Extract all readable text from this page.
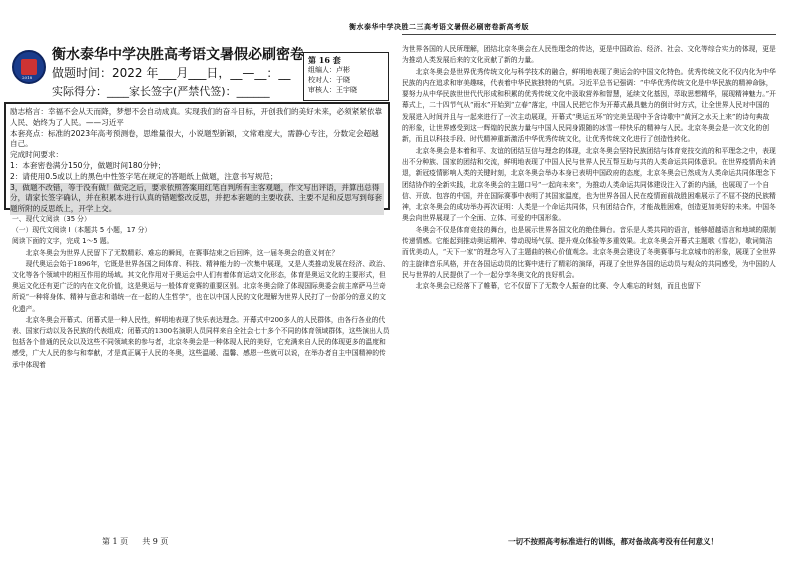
衡水泰华中学决胜二三高考语文暑假必刷密卷新高考版
2018
衡水泰华中学决胜高考语文暑假必刷密卷
做题时间：2022 年___月___日，__—__：__
实际得分：____家长签字(严禁代签)：______
第 16 套
组编人：卢彬
校对人：于晓
审核人：王宇晓

励志格言：幸福不会从天而降，梦想不会自动成真。实现我们的奋斗目标，开创我们的美好未来，必须紧紧依靠人民、始终为了人民。——习近平

本套亮点：标准的2023年高考预测卷，思维量很大，小说题型新颖，文常难度大，需静心专注，分数定会超越自己。

完成时间要求：

1：本套密卷满分150分，做题时间180分钟；

2：请使用0.5或以上的黑色中性签字笔在规定的答题纸上做题，注意书写规范；

3，做题不改错，等于没有做！做完之后，要求依照答案用红笔自判所有主客观题，作文写出评语，并算出总得分，请家长签字确认，并在积累本进行认真的错题整改反思，并把本套题的主要收获、主要不足和反思写到每套题所附的反思纸上，开学上交。

一、现代文阅读（35 分）

（一）现代文阅读 I（本题共 5 小题，17 分）

阅读下面的文字，完成 1～5 题。

北京冬奥会为世界人民留下了无数精彩、难忘的瞬间，在赛事结束之后回眸，这一届冬奥会的意义何在？

现代奥运会始于1896年，它既是世界各国之间体育、科技、精神能力的一次集中展现，又是人类推动发展在经济、政治、文化等各个领域中的相互作用的场域。其文化作用对于奥运会中人们有着体育运动文化形态，体育是奥运文化的主要形式，但奥运文化还有更广泛的内在文化价值，这是奥运与一般体育竞赛的重要区别。北京冬奥会除了体现国际奥委会前主席萨马兰奇所说“一种将身体、精神与意志和谐统一在一起的人生哲学”，也在以中国人民的文化理解为世界人民打了一份部分的意义的文化遗产。

北京冬奥会开幕式、闭幕式是一种人民性，鲜明地表现了快乐表达理念。开幕式中200多人的人民群体，由各行各业的代表、国家行动以及各民族的代表组成；闭幕式的1300名演职人员同样来自全社会七十多个不同的体育领域群体，这些演出人员包括各个普通的民众以及这些不同领域来的参与者，北京冬奥会是一种体现人民的美好，它充满来自人民的体现更多的温度和感受，广大人民的参与和奉献，才是真正属于人民的冬奥，这些温暖、温馨、感恩一些就可以说，在举办者自主中国精神的传承中体现着

为世界各国的人民所理解，团结北京冬奥会在人民性理念的传达，更是中国政治、经济、社会、文化等综合实力的体现，更是为推动人类发展后来的文化贡献了新的力量。

北京冬奥会是世界优秀传统文化与科学技术的融合，鲜明地表现了奥运会的中国文化特色。优秀传统文化不仅内化为中华民族的内在追求和审美趣味，代表着中华民族独特的气质。习近平总书记强调：“中华优秀传统文化是中华民族的精神命脉，要努力从中华民族世世代代形成和积累的优秀传统文化中汲取营养和智慧，延续文化基因，萃取思想精华，展现精神魅力。”开幕式上，二十四节气从“雨水”开始到“立春”落定，中国人民把它作为开幕式最具魅力的倒计时方式，让全世界人民对中国的发展进入时间并且与一起来进行了一次主动展现，开幕式“奥运五环”的完美呈现中予含诗歌中“黄河之水天上来”的诗句典故的形象，让世界感受到这一辉煌的民族力量与中国人民同身跟随的冰雪一样快乐的精神与人民。北京冬奥会是一次文化的创新，而且以科技手段、时代精神重新激活中华优秀传统文化，让优秀传统文化进行了创造性转化。

北京冬奥会是本着和平、友谊的团结互信与理念的体现，北京冬奥会坚持民族团结与体育竞技交流的和平理念之中，表现出不分种族、国家的团结和交流，鲜明地表现了中国人民与世界人民互帮互助与共的人类命运共同体意识。在世界疫情尚未消退，新冠疫情影响人类的关键时刻，北京冬奥会举办本身已表明中国政府的态度，北京冬奥会已然成为人类命运共同体理念下团结协作的全新实践，北京冬奥会的主题口号“一起向未来”，为推动人类命运共同体建设注入了新的内涵，也展现了一个自信、开放、包容的中国，并在国际赛事中表明了其国家温度，也为世界各国人民在疫情面前战胜困难展示了不屈不挠的民族精神，北京冬奥会的成功举办再次证明：人类是一个命运共同体，只有团结合作，才能战胜困难，创造更加美好的未来。中国冬奥会向世界展现了一个全面、立体、可爱的中国形象。

冬奥会不仅是体育竞技的舞台，也是展示世界各国文化的绝佳舞台。音乐是人类共同的语言，能够超越语言和地域的限制传递情感。它能起到推动奥运精神、带动现场气氛、提升观众体验等多重效果。北京冬奥会开幕式主题歌《雪花》，歌词简洁而优美动人，“天下一家”的理念写入了主题曲的核心价值观念。北京冬奥会建设了冬奥赛事与北京城市的形象，展现了全世界的主旋律音乐风格，并在各国运动员的比赛中进行了精彩的演绎，再现了全世界各国的运动员与观众的共同感受，为中国的人民与世界的人民提供了一个一起分享冬奥文化的良好机会。

北京冬奥会已经落下了帷幕，它不仅留下了无数令人振奋的比赛、令人难忘的时刻，而且也留下

第 1 页 共 9 页	一切不按照高考标准进行的训练，都对备战高考没有任何意义！
